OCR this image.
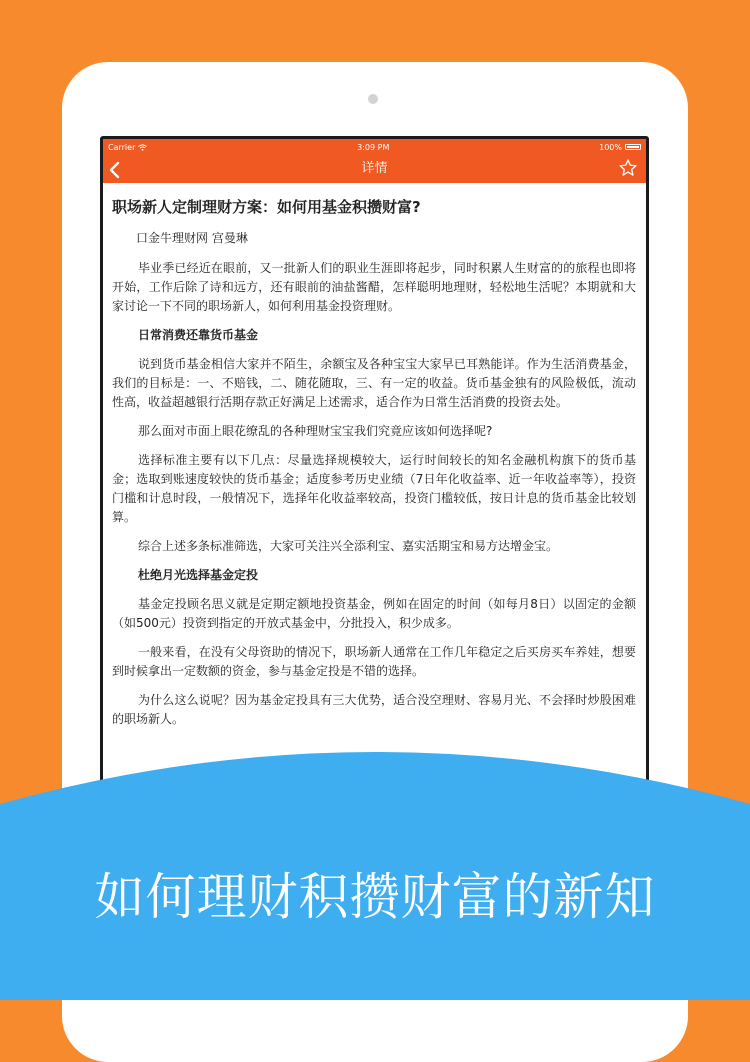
Carrier	3:09 PM	100%
详情
职场新人定制理财方案：如何用基金积攒财富?
口金牛理财网 宫曼琳

毕业季已经近在眼前，又一批新人们的职业生涯即将起步，同时积累人生财富的的旅程也即将开始，工作后除了诗和远方，还有眼前的油盐酱醋，怎样聪明地理财，轻松地生活呢？本期就和大家讨论一下不同的职场新人，如何利用基金投资理财。

日常消费还靠货币基金

说到货币基金相信大家并不陌生，余额宝及各种宝宝大家早已耳熟能详。作为生活消费基金，我们的目标是：一、不赔钱，二、随花随取，三、有一定的收益。货币基金独有的风险极低，流动性高，收益超越银行活期存款正好满足上述需求，适合作为日常生活消费的投资去处。

那么面对市面上眼花缭乱的各种理财宝宝我们究竟应该如何选择呢?

选择标准主要有以下几点：尽量选择规模较大，运行时间较长的知名金融机构旗下的货币基金；选取到账速度较快的货币基金；适度参考历史业绩（7日年化收益率、近一年收益率等），投资门槛和计息时段，一般情况下，选择年化收益率较高，投资门槛较低，按日计息的货币基金比较划算。

综合上述多条标准筛选，大家可关注兴全添利宝、嘉实活期宝和易方达增金宝。

杜绝月光选择基金定投

基金定投顾名思义就是定期定额地投资基金，例如在固定的时间（如每月8日）以固定的金额（如500元）投资到指定的开放式基金中，分批投入，积少成多。

一般来看，在没有父母资助的情况下，职场新人通常在工作几年稳定之后买房买车养娃，想要到时候拿出一定数额的资金，参与基金定投是不错的选择。

为什么这么说呢？因为基金定投具有三大优势，适合没空理财、容易月光、不会择时炒股困难的职场新人。

如何理财积攒财富的新知
